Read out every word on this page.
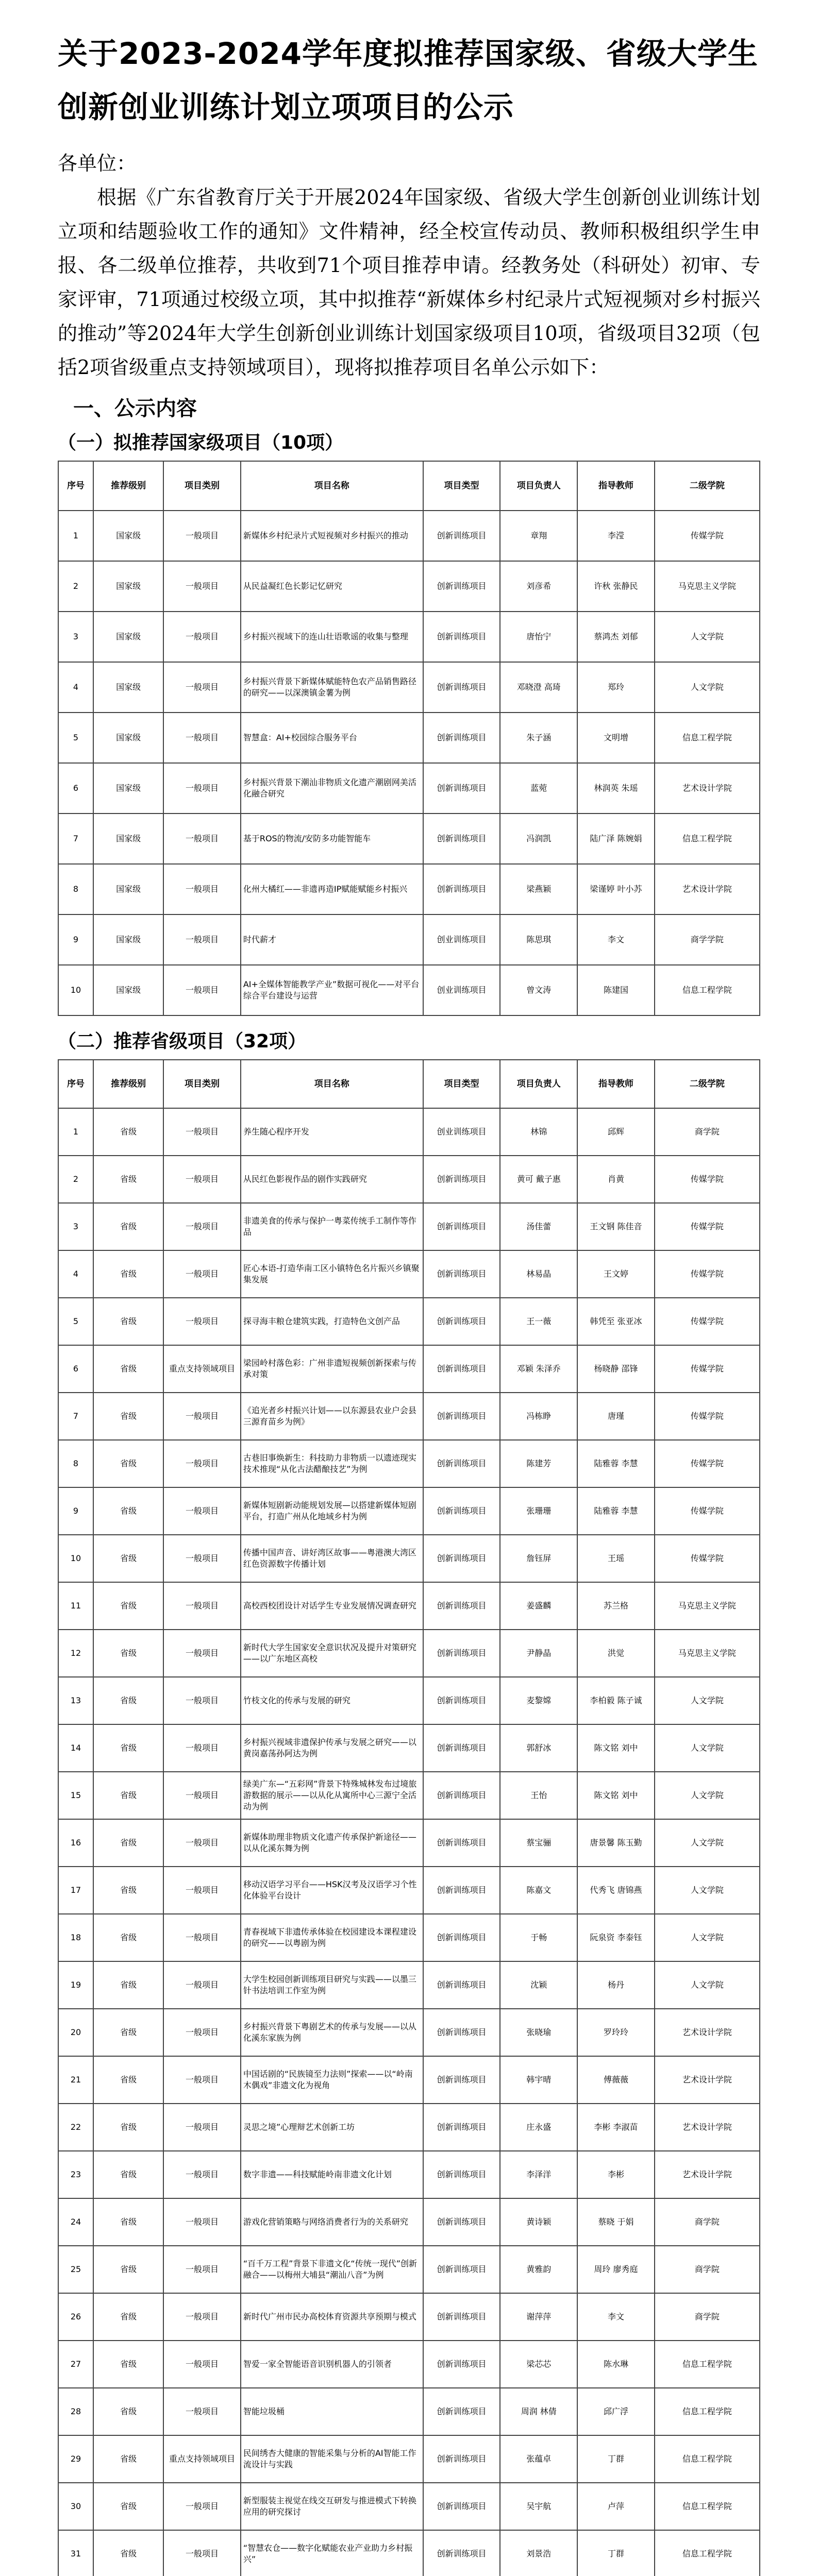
关于2023-2024学年度拟推荐国家级、省级大学生创新创业训练计划立项项目的公示
各单位：

根据《广东省教育厅关于开展2024年国家级、省级大学生创新创业训练计划立项和结题验收工作的通知》文件精神，经全校宣传动员、教师积极组织学生申报、各二级单位推荐，共收到71个项目推荐申请。经教务处（科研处）初审、专家评审，71项通过校级立项，其中拟推荐“新媒体乡村纪录片式短视频对乡村振兴的推动”等2024年大学生创新创业训练计划国家级项目10项，省级项目32项（包括2项省级重点支持领域项目），现将拟推荐项目名单公示如下：

一、公示内容
（一）拟推荐国家级项目（10项）
序号	推荐级别	项目类别	项目名称	项目类型	项目负责人	指导教师	二级学院
1	国家级	一般项目	新媒体乡村纪录片式短视频对乡村振兴的推动	创新训练项目	章翔	李滢	传媒学院
2	国家级	一般项目	从民益凝红色长影记忆研究	创新训练项目	刘彦希	许秋 张静民	马克思主义学院
3	国家级	一般项目	乡村振兴视域下的连山壮语歌谣的收集与整理	创新训练项目	唐怡宁	蔡鸿杰 刘郁	人文学院
4	国家级	一般项目	乡村振兴背景下新媒体赋能特色农产品销售路径的研究——以深澳镇金薯为例	创新训练项目	邓晓澄 高琦	郑玲	人文学院
5	国家级	一般项目	智慧盒：AI+校园综合服务平台	创新训练项目	朱子涵	文明增	信息工程学院
6	国家级	一般项目	乡村振兴背景下潮汕非物质文化遗产潮剧网美活化融合研究	创新训练项目	蓝菀	林润英 朱瑶	艺术设计学院
7	国家级	一般项目	基于ROS的物流/安防多功能智能车	创新训练项目	冯润凯	陆广泽 陈婉娟	信息工程学院
8	国家级	一般项目	化州大橘红——非遗再造IP赋能赋能乡村振兴	创新训练项目	梁燕颖	梁谨婷 叶小苏	艺术设计学院
9	国家级	一般项目	时代薪才	创业训练项目	陈思琪	李文	商学学院
10	国家级	一般项目	AI+全媒体智能教学产业”数据可视化——对平台综合平台建设与运营	创业训练项目	曾文涛	陈建国	信息工程学院
（二）推荐省级项目（32项）
序号	推荐级别	项目类别	项目名称	项目类型	项目负责人	指导教师	二级学院
1	省级	一般项目	养生随心程序开发	创业训练项目	林锦	邱辉	商学院
2	省级	一般项目	从民红色影视作品的剧作实践研究	创新训练项目	黄可 戴子惠	肖黄	传媒学院
3	省级	一般项目	非遗美食的传承与保护一粤菜传统手工制作等作品	创新训练项目	汤佳蕾	王文钢 陈佳音	传媒学院
4	省级	一般项目	匠心本语-打造华南工区小镇特色名片振兴乡镇聚集发展	创新训练项目	林易晶	王文婷	传媒学院
5	省级	一般项目	探寻海丰粮仓建筑实践，打造特色文创产品	创新训练项目	王一薇	韩凭至 张亚冰	传媒学院
6	省级	重点支持领域项目	梁园岭村落色彩：广州非遗短视频创新探索与传承对策	创新训练项目	邓颖 朱泽乔	杨晓静 邵锋	传媒学院
7	省级	一般项目	《追光者乡村振兴计划——以东源县农业户会县三源育苗乡为例》	创新训练项目	冯栋睁	唐瑾	传媒学院
8	省级	一般项目	古巷旧事焕新生：科技助力非物质一以遗迹现实技术推现“从化古法醋酿技艺”为例	创新训练项目	陈建芳	陆雅蓉 李慧	传媒学院
9	省级	一般项目	新媒体短剧新动能规划发展—以搭建新媒体短剧平台，打造广州从化地域乡村为例	创新训练项目	张珊珊	陆雅蓉 李慧	传媒学院
10	省级	一般项目	传播中国声音、讲好湾区故事——粤港澳大湾区红色资源数字传播计划	创新训练项目	詹钰屏	王瑶	传媒学院
11	省级	一般项目	高校西校团设计对话学生专业发展情况调查研究	创新训练项目	姜盛麟	苏兰格	马克思主义学院
12	省级	一般项目	新时代大学生国家安全意识状况及提升对策研究——以广东地区高校	创新训练项目	尹静晶	洪觉	马克思主义学院
13	省级	一般项目	竹枝文化的传承与发展的研究	创新训练项目	麦黎嫦	李柏毅 陈子诚	人文学院
14	省级	一般项目	乡村振兴视域非遗保护传承与发展之研究——以黄岗嘉荡孙阿达为例	创新训练项目	郭舒冰	陈文铭 刘中	人文学院
15	省级	一般项目	绿美广东—“五彩网”背景下特殊城林发布过境旅游数据的展示——以从化从寓所中心三源宁全活动为例	创新训练项目	王怡	陈文铭 刘中	人文学院
16	省级	一般项目	新媒体助理非物质文化遗产传承保护新途径——以从化溪东舞为例	创新训练项目	蔡宝骊	唐景馨 陈玉勤	人文学院
17	省级	一般项目	移动汉语学习平台——HSK汉考及汉语学习个性化体验平台设计	创新训练项目	陈嘉文	代秀飞 唐锦燕	人文学院
18	省级	一般项目	青春视域下非遗传承体验在校园建设本课程建设的研究——以粤剧为例	创新训练项目	于畅	阮泉资 李泰钰	人文学院
19	省级	一般项目	大学生校园创新训练项目研究与实践——以墨三针书法培训工作室为例	创新训练项目	沈颖	杨丹	人文学院
20	省级	一般项目	乡村振兴背景下粤剧艺术的传承与发展——以从化溪东家族为例	创新训练项目	张晓瑜	罗玲玲	艺术设计学院
21	省级	一般项目	中国话剧的“民族镜至力法则”探索——以“岭南木偶戏”非遗文化为视角	创新训练项目	韩宇晴	傅薇薇	艺术设计学院
22	省级	一般项目	灵思之境”心理辩艺术创新工坊	创新训练项目	庄永盛	李彬 李淑苗	艺术设计学院
23	省级	一般项目	数字非遗——科技赋能岭南非遗文化计划	创新训练项目	李泽洋	李彬	艺术设计学院
24	省级	一般项目	游戏化营销策略与网络消费者行为的关系研究	创新训练项目	黄诗颖	蔡晓 于娟	商学院
25	省级	一般项目	“百千万工程”背景下非遗文化“传统一现代”创新融合——以梅州大埔县“潮汕八音”为例	创新训练项目	黄雅韵	周玲 廖秀庭	商学院
26	省级	一般项目	新时代广州市民办高校体育资源共享预期与模式	创新训练项目	谢萍萍	李文	商学院
27	省级	一般项目	智爱一家全智能语音识别机器人的引领者	创新训练项目	梁芯芯	陈水琳	信息工程学院
28	省级	一般项目	智能垃圾桶	创新训练项目	周润 林倩	邱广浮	信息工程学院
29	省级	重点支持领域项目	民间绣杏大健康的智能采集与分析的AI智能工作流设计与实践	创新训练项目	张蕴卓	丁群	信息工程学院
30	省级	一般项目	新型服装主视觉在线交互研发与推进模式下转换应用的研究探讨	创新训练项目	吴宇航	卢萍	信息工程学院
31	省级	一般项目	“智慧农仓——数字化赋能农业产业助力乡村振兴”	创新训练项目	刘景浩	丁群	信息工程学院
